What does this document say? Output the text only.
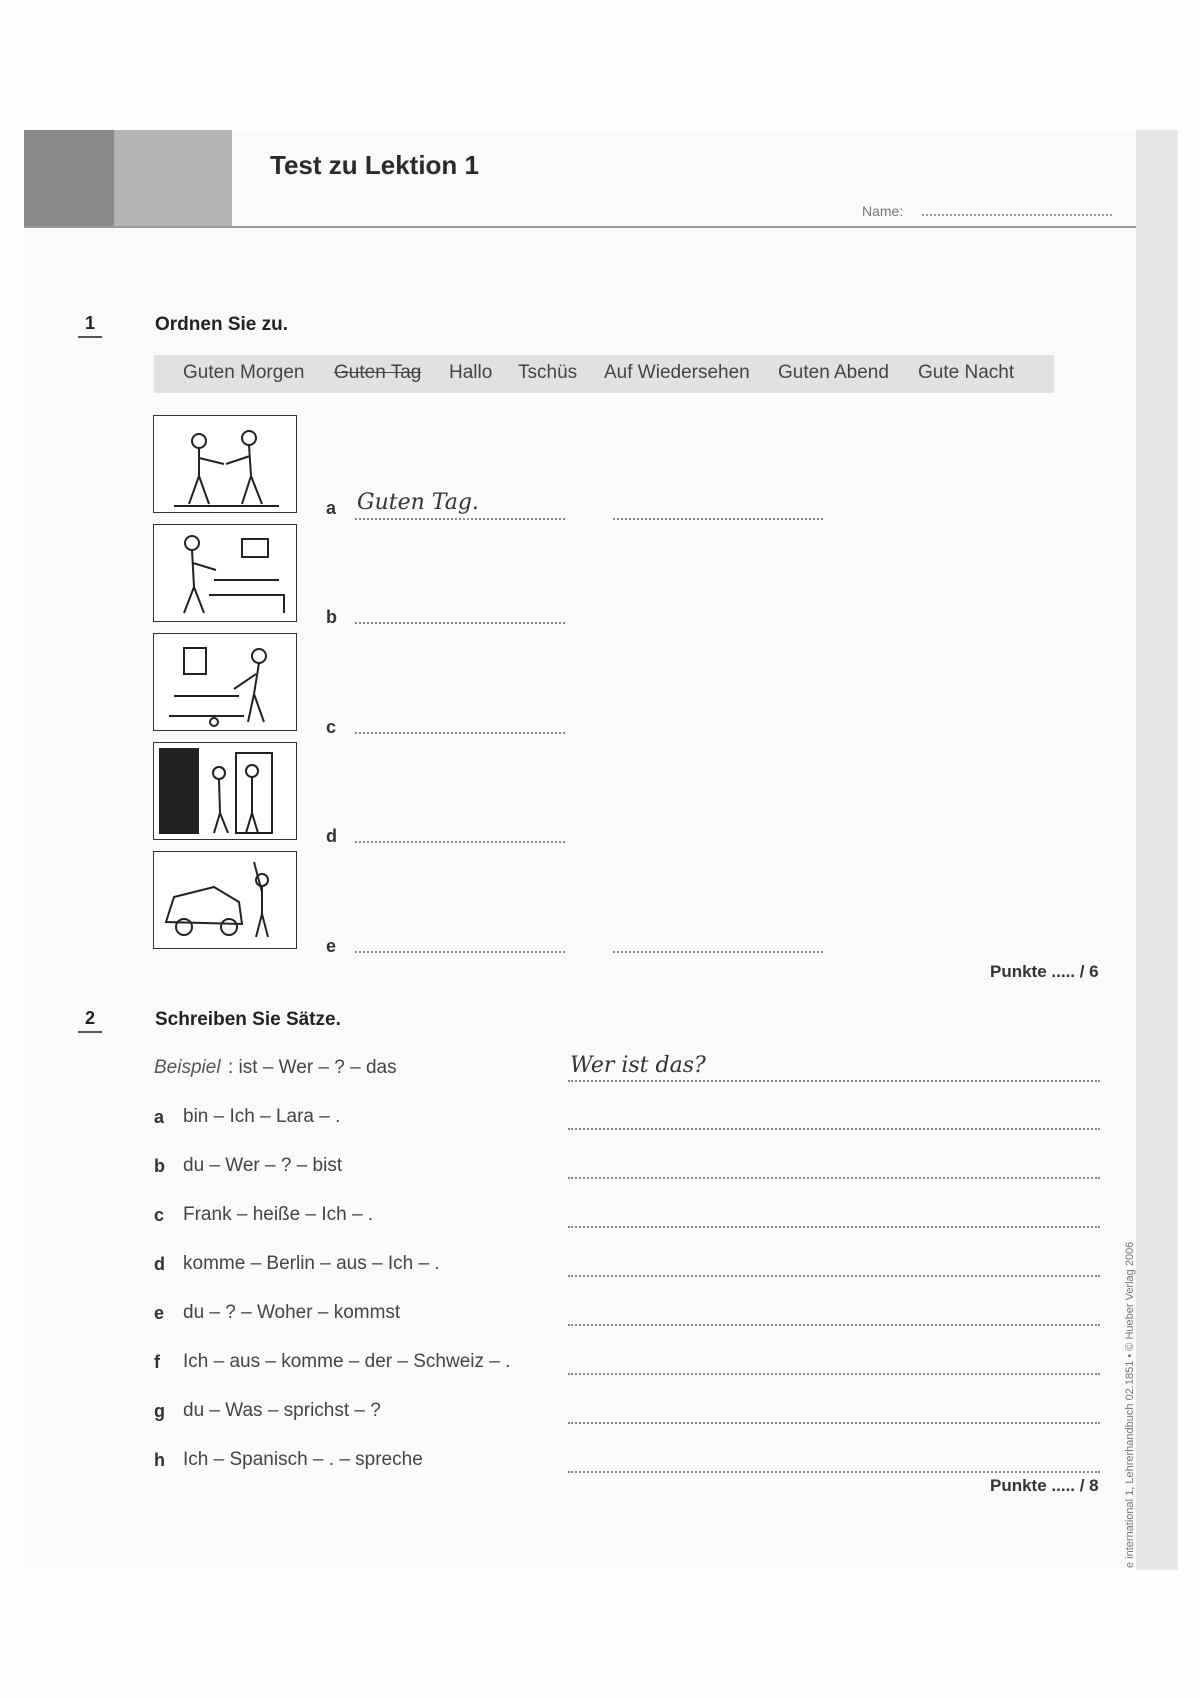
Test zu Lektion 1
Name:
1	Ordnen Sie zu.
Guten Morgen Guten Tag Hallo Tschüs Auf Wiedersehen Guten Abend Gute Nacht
a Guten Tag.
b
c
d
e
Punkte ..... / 6
2	Schreiben Sie Sätze.
Beispiel : ist – Wer – ? – das	Wer ist das?
a bin – Ich – Lara – .
b du – Wer – ? – bist
c Frank – heiße – Ich – .
d komme – Berlin – aus – Ich – .
e du – ? – Woher – kommst
f Ich – aus – komme – der – Schweiz – .
g du – Was – sprichst – ?
h Ich – Spanisch – . – spreche
Punkte ..... / 8 e international 1, Lehrerhandbuch 02.1851 • © Hueber Verlag 2006
